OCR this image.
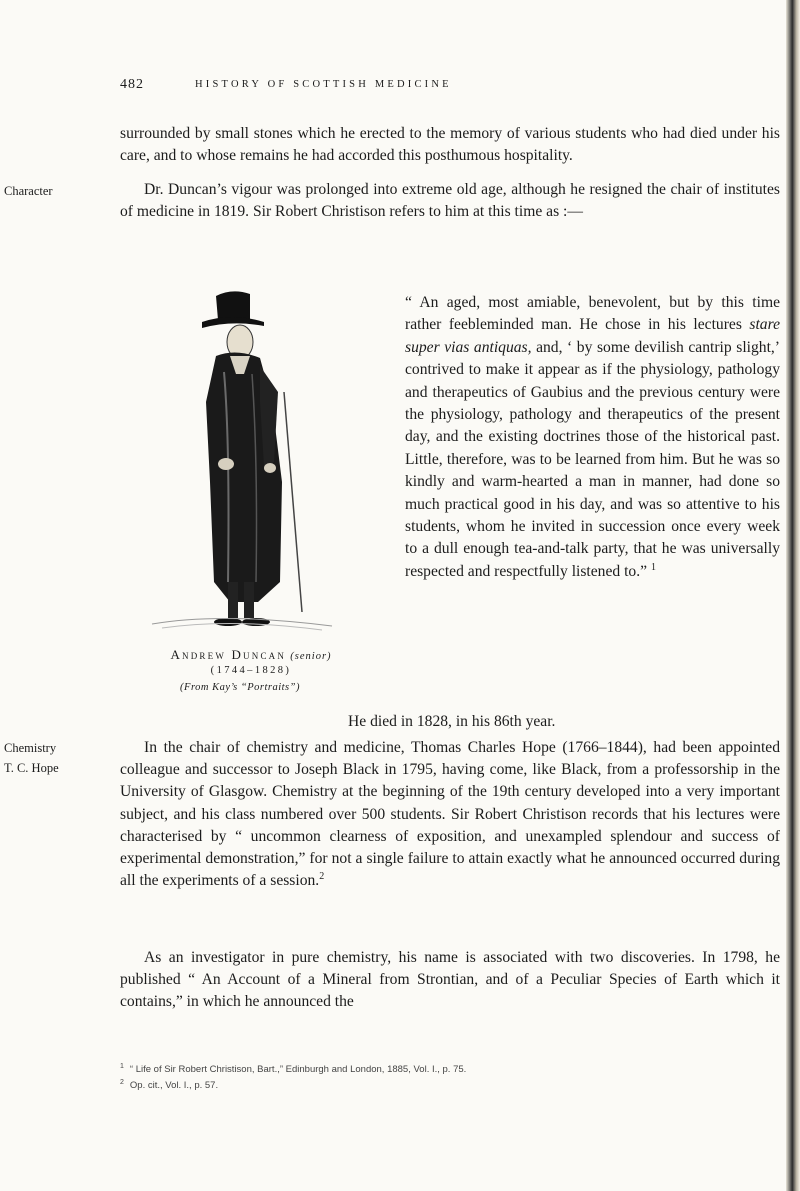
482	HISTORY OF SCOTTISH MEDICINE

surrounded by small stones which he erected to the memory of various students who had died under his care, and to whose remains he had accorded this posthumous hospitality.

Character	Dr. Duncan’s vigour was prolonged into extreme old age, although he resigned the chair of institutes of medicine in 1819. Sir Robert Christison refers to him at this time as :—

Andrew Duncan (senior)
(1744–1828)
(From Kay’s “Portraits”)

“ An aged, most amiable, benevolent, but by this time rather feebleminded man. He chose in his lectures stare super vias antiquas, and, ‘ by some devilish cantrip slight,’ contrived to make it appear as if the physiology, pathology and therapeutics of Gaubius and the previous century were the physiology, pathology and therapeutics of the present day, and the existing doctrines those of the historical past. Little, therefore, was to be learned from him. But he was so kindly and warm-hearted a man in manner, had done so much practical good in his day, and was so attentive to his students, whom he invited in succession once every week to a dull enough tea-and-talk party, that he was universally respected and respectfully listened to.” $^1$

He died in 1828, in his 86th year.

Chemistry
T. C. Hope

In the chair of chemistry and medicine, Thomas Charles Hope (1766–1844), had been appointed colleague and successor to Joseph Black in 1795, having come, like Black, from a professorship in the University of Glasgow. Chemistry at the beginning of the 19th century developed into a very important subject, and his class numbered over 500 students. Sir Robert Christison records that his lectures were characterised by “ uncommon clearness of exposition, and unexampled splendour and success of experimental demonstration,” for not a single failure to attain exactly what he announced occurred during all the experiments of a session.$^2$

As an investigator in pure chemistry, his name is associated with two discoveries. In 1798, he published “ An Account of a Mineral from Strontian, and of a Peculiar Species of Earth which it contains,” in which he announced the

$^1$ “ Life of Sir Robert Christison, Bart.,” Edinburgh and London, 1885, Vol. I., p. 75.
$^2$ Op. cit., Vol. I., p. 57.
